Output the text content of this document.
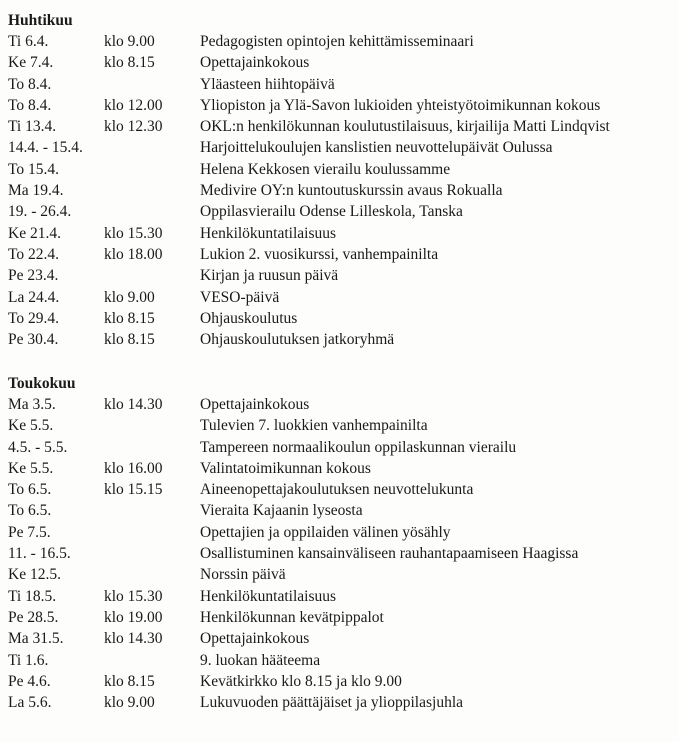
Huhtikuu
Ti 6.4.	klo 9.00	Pedagogisten opintojen kehittämisseminaari
Ke 7.4.	klo 8.15	Opettajainkokous
To 8.4.	Yläasteen hiihtopäivä
To 8.4.	klo 12.00 Yliopiston ja Ylä-Savon lukioiden yhteistyötoimikunnan kokous
Ti 13.4.	klo 12.30 OKL:n henkilökunnan koulutustilaisuus, kirjailija Matti Lindqvist
14.4. - 15.4.	Harjoittelukoulujen kanslistien neuvottelupäivät Oulussa
To 15.4.	Helena Kekkosen vierailu koulussamme
Ma 19.4.	Medivire OY:n kuntoutuskurssin avaus Rokualla
19. - 26.4.	Oppilasvierailu Odense Lilleskola, Tanska
Ke 21.4.	klo 15.30 Henkilökuntatilaisuus
To 22.4.	klo 18.00 Lukion 2. vuosikurssi, vanhempainilta
Pe 23.4.	Kirjan ja ruusun päivä
La 24.4.	klo 9.00	VESO-päivä
To 29.4.	klo 8.15	Ohjauskoulutus
Pe 30.4.	klo 8.15	Ohjauskoulutuksen jatkoryhmä
Toukokuu
Ma 3.5.	klo 14.30 Opettajainkokous
Ke 5.5.	Tulevien 7. luokkien vanhempainilta
4.5. - 5.5.	Tampereen normaalikoulun oppilaskunnan vierailu
Ke 5.5.	klo 16.00 Valintatoimikunnan kokous
To 6.5.	klo 15.15 Aineenopettajakoulutuksen neuvottelukunta
To 6.5.	Vieraita Kajaanin lyseosta
Pe 7.5.	Opettajien ja oppilaiden välinen yösähly
11. - 16.5.	Osallistuminen kansainväliseen rauhantapaamiseen Haagissa
Ke 12.5.	Norssin päivä
Ti 18.5.	klo 15.30 Henkilökuntatilaisuus
Pe 28.5.	klo 19.00 Henkilökunnan kevätpippalot
Ma 31.5.	klo 14.30 Opettajainkokous
Ti 1.6.	9. luokan hääteema
Pe 4.6.	klo 8.15	Kevätkirkko klo 8.15 ja klo 9.00
La 5.6.	klo 9.00	Lukuvuoden päättäjäiset ja ylioppilasjuhla
